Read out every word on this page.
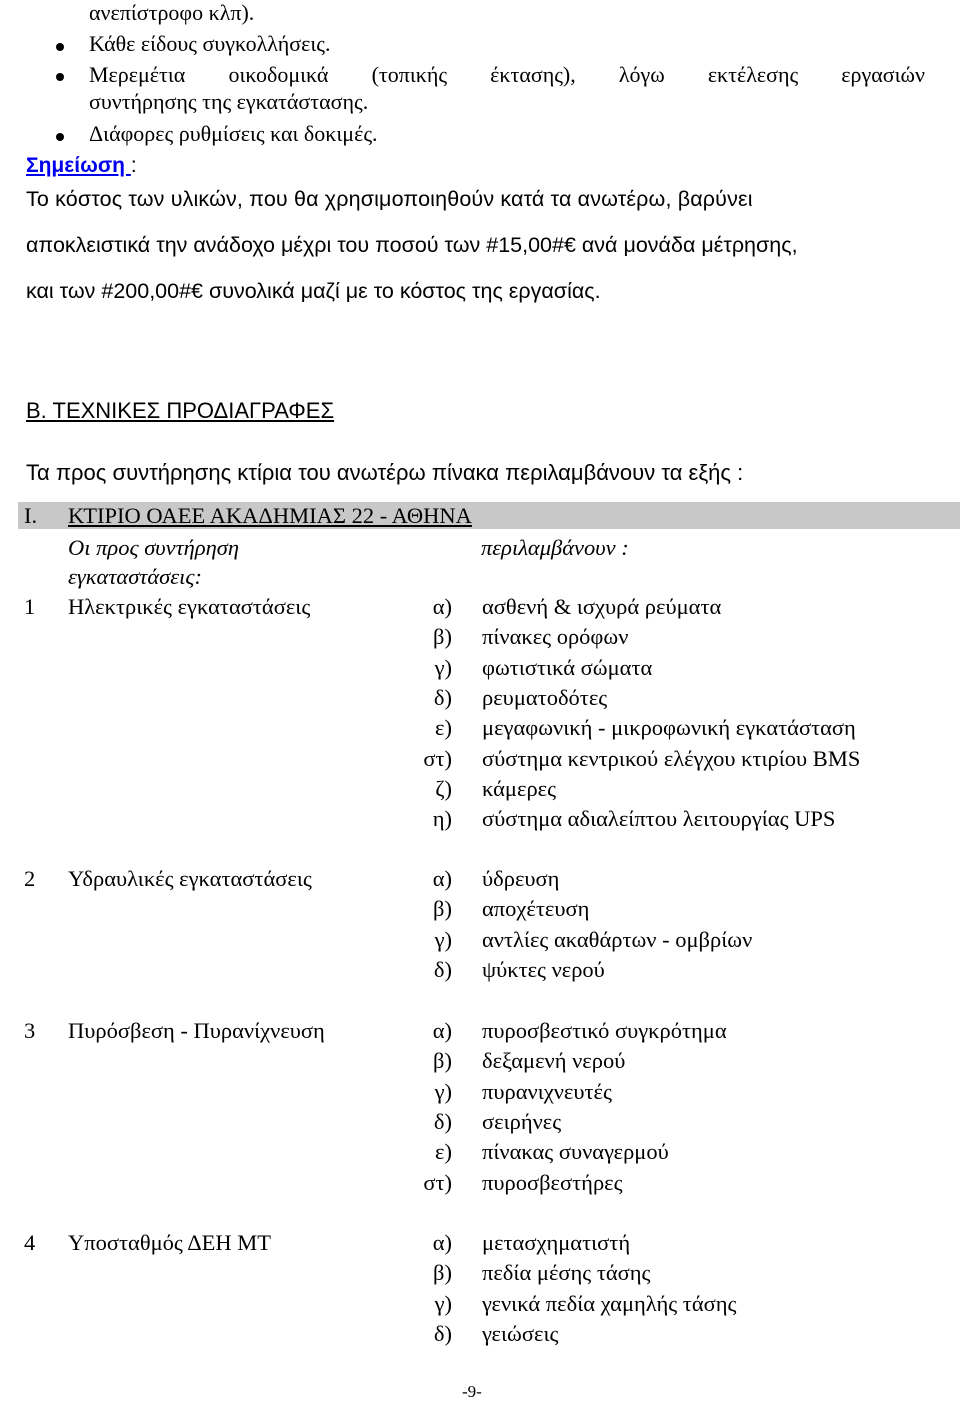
ανεπίστροφο κλπ).
Κάθε είδους συγκολλήσεις.
Μερεμέτια οικοδομικά (τοπικής έκτασης), λόγω εκτέλεσης εργασιών
συντήρησης της εγκατάστασης.
Διάφορες ρυθμίσεις και δοκιμές.
Σημείωση :
Το κόστος των υλικών, που θα χρησιμοποιηθούν κατά τα ανωτέρω, βαρύνει
αποκλειστικά την ανάδοχο μέχρι του ποσού των #15,00#€ ανά μονάδα μέτρησης,
και των #200,00#€ συνολικά μαζί με το κόστος της εργασίας.
Β. ΤΕΧΝΙΚΕΣ ΠΡΟΔΙΑΓΡΑΦΕΣ
Τα προς συντήρησης κτίρια του ανωτέρω πίνακα περιλαμβάνουν τα εξής :
Ι. ΚΤΙΡΙΟ ΟΑΕΕ ΑΚΑΔΗΜΙΑΣ 22 - ΑΘΗΝΑ
Οι προς συντήρηση
εγκαταστάσεις:
περιλαμβάνουν :
1 Ηλεκτρικές εγκαταστάσεις	α) ασθενή & ισχυρά ρεύματα
β) πίνακες ορόφων
γ) φωτιστικά σώματα
δ) ρευματοδότες
ε) μεγαφωνική - μικροφωνική εγκατάσταση
στ) σύστημα κεντρικού ελέγχου κτιρίου BMS
ζ) κάμερες
η) σύστημα αδιαλείπτου λειτουργίας UPS
2 Υδραυλικές εγκαταστάσεις	α) ύδρευση
β) αποχέτευση
γ) αντλίες ακαθάρτων - ομβρίων
δ) ψύκτες νερού
3 Πυρόσβεση - Πυρανίχνευση	α) πυροσβεστικό συγκρότημα
β) δεξαμενή νερού
γ) πυρανιχνευτές
δ) σειρήνες
ε) πίνακας συναγερμού
στ) πυροσβεστήρες
4 Υποσταθμός ΔΕΗ ΜΤ	α) μετασχηματιστή
β) πεδία μέσης τάσης
γ) γενικά πεδία χαμηλής τάσης
δ) γειώσεις
-9-
